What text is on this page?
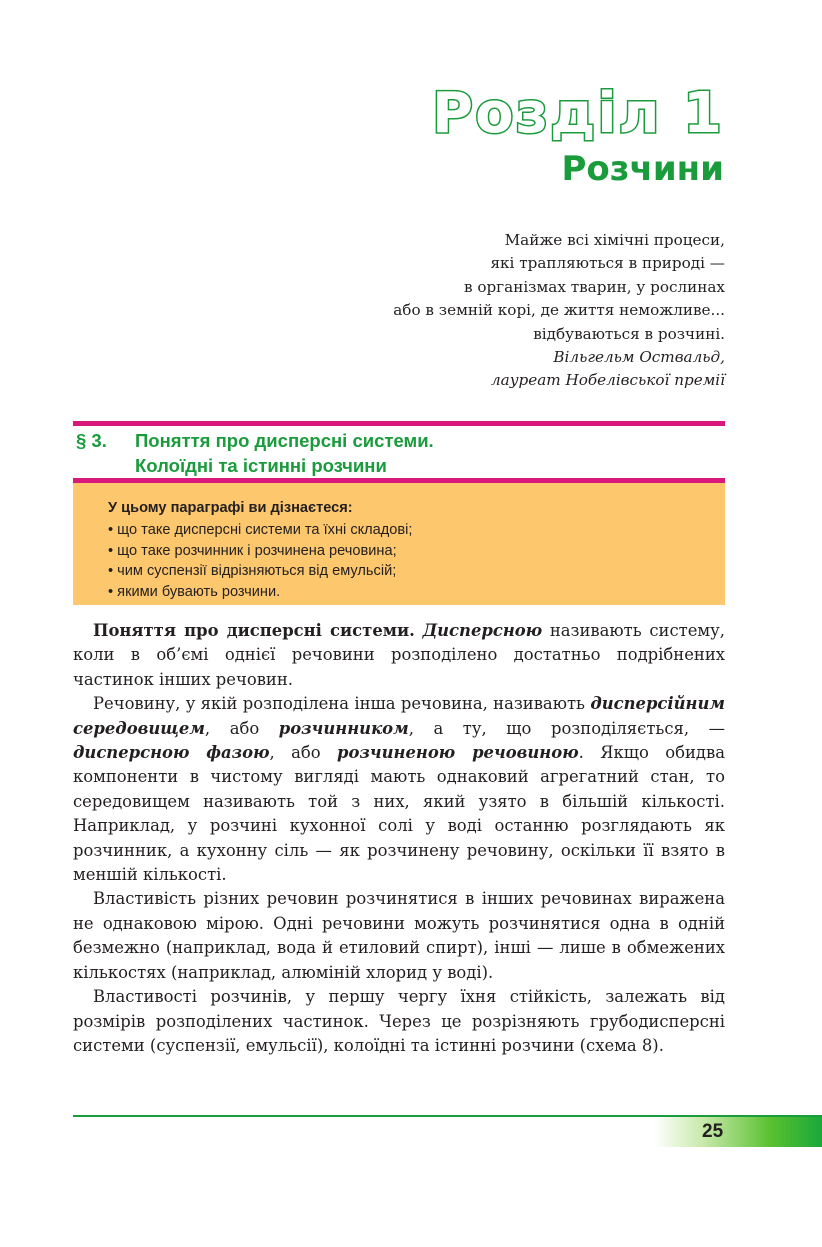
Розділ 1
Розчини
Майже всі хімічні процеси,
які трапляються в природі —
в організмах тварин, у рослинах
або в земній корі, де життя неможливе...
відбуваються в розчині.
Вільгельм Оствальд,
лауреат Нобелівської премії
§ 3. Поняття про дисперсні системи.
Колоїдні та істинні розчини
У цьому параграфі ви дізнаєтеся:
• що таке дисперсні системи та їхні складові;
• що таке розчинник і розчинена речовина;
• чим суспензії відрізняються від емульсій;
• якими бувають розчини.

Поняття про дисперсні системи. Дисперсною називають систему, коли в об’ємі однієї речовини розподілено достатньо подрібнених частинок інших речовин.

Речовину, у якій розподілена інша речовина, називають дисперсійним середовищем, або розчинником, а ту, що розподіляється, — дисперсною фазою, або розчиненою речовиною. Якщо обидва компоненти в чистому вигляді мають однаковий агрегатний стан, то середовищем називають той з них, який узято в більшій кількості. Наприклад, у розчині кухонної солі у воді останню розглядають як розчинник, а кухонну сіль — як розчинену речовину, оскільки її взято в меншій кількості.

Властивість різних речовин розчинятися в інших речовинах виражена не однаковою мірою. Одні речовини можуть розчинятися одна в одній безмежно (наприклад, вода й етиловий спирт), інші — лише в обмежених кількостях (наприклад, алюміній хлорид у воді).

Властивості розчинів, у першу чергу їхня стійкість, залежать від розмірів розподілених частинок. Через це розрізняють грубодисперсні системи (суспензії, емульсії), колоїдні та істинні розчини (схема 8).

25
